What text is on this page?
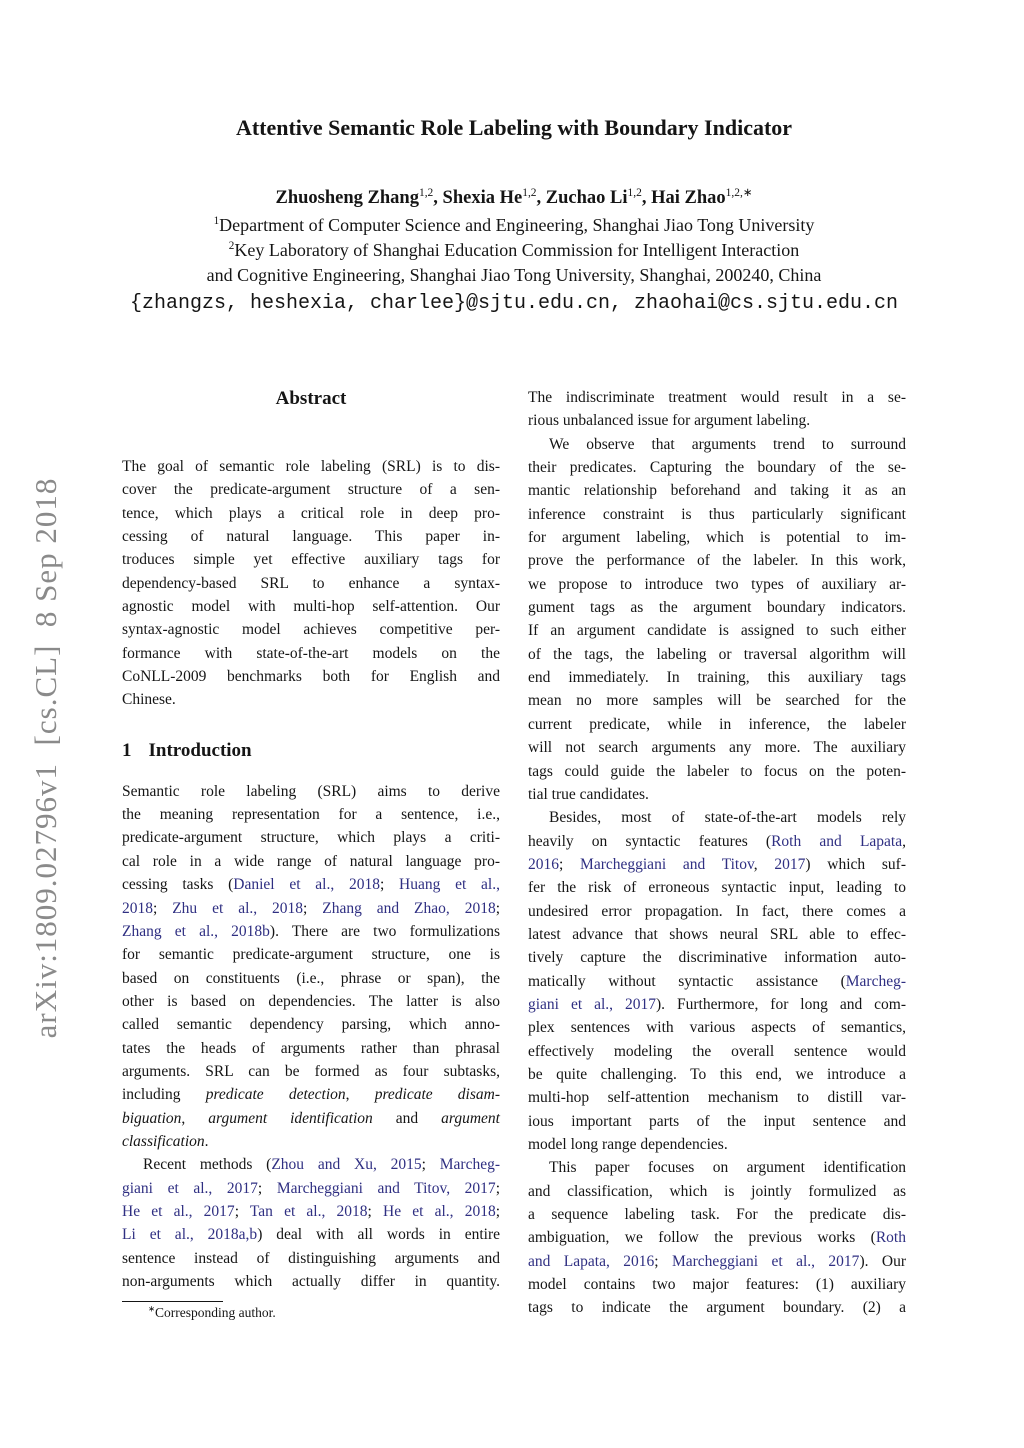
arXiv:1809.02796v1  [cs.CL]  8 Sep 2018
Attentive Semantic Role Labeling with Boundary Indicator
Zhuosheng Zhang$^{1,2}$, Shexia He$^{1,2}$, Zuchao Li$^{1,2}$, Hai Zhao$^{1,2,∗}$
$^1$Department of Computer Science and Engineering, Shanghai Jiao Tong University
$^2$Key Laboratory of Shanghai Education Commission for Intelligent Interaction
and Cognitive Engineering, Shanghai Jiao Tong University, Shanghai, 200240, China
{zhangzs, heshexia, charlee}@sjtu.edu.cn, zhaohai@cs.sjtu.edu.cn
Abstract
The goal of semantic role labeling (SRL) is to dis-
cover the predicate-argument structure of a sen-
tence, which plays a critical role in deep pro-
cessing of natural language. This paper in-
troduces simple yet effective auxiliary tags for
dependency-based SRL to enhance a syntax-
agnostic model with multi-hop self-attention. Our
syntax-agnostic model achieves competitive per-
formance with state-of-the-art models on the
CoNLL-2009 benchmarks both for English and
Chinese.
1 Introduction
Semantic role labeling (SRL) aims to derive
the meaning representation for a sentence, i.e.,
predicate-argument structure, which plays a criti-
cal role in a wide range of natural language pro-
cessing tasks (Daniel et al., 2018; Huang et al.,
2018; Zhu et al., 2018; Zhang and Zhao, 2018;
Zhang et al., 2018b). There are two formulizations
for semantic predicate-argument structure, one is
based on constituents (i.e., phrase or span), the
other is based on dependencies. The latter is also
called semantic dependency parsing, which anno-
tates the heads of arguments rather than phrasal
arguments. SRL can be formed as four subtasks,
including predicate detection, predicate disam-
biguation, argument identification and argument
classification.
Recent methods (Zhou and Xu, 2015; Marcheg-
giani et al., 2017; Marcheggiani and Titov, 2017;
He et al., 2017; Tan et al., 2018; He et al., 2018;
Li et al., 2018a,b) deal with all words in entire
sentence instead of distinguishing arguments and
non-arguments which actually differ in quantity.
∗Corresponding author.
The indiscriminate treatment would result in a se-
rious unbalanced issue for argument labeling.
We observe that arguments trend to surround
their predicates. Capturing the boundary of the se-
mantic relationship beforehand and taking it as an
inference constraint is thus particularly significant
for argument labeling, which is potential to im-
prove the performance of the labeler. In this work,
we propose to introduce two types of auxiliary ar-
gument tags as the argument boundary indicators.
If an argument candidate is assigned to such either
of the tags, the labeling or traversal algorithm will
end immediately. In training, this auxiliary tags
mean no more samples will be searched for the
current predicate, while in inference, the labeler
will not search arguments any more. The auxiliary
tags could guide the labeler to focus on the poten-
tial true candidates.
Besides, most of state-of-the-art models rely
heavily on syntactic features (Roth and Lapata,
2016; Marcheggiani and Titov, 2017) which suf-
fer the risk of erroneous syntactic input, leading to
undesired error propagation. In fact, there comes a
latest advance that shows neural SRL able to effec-
tively capture the discriminative information auto-
matically without syntactic assistance (Marcheg-
giani et al., 2017). Furthermore, for long and com-
plex sentences with various aspects of semantics,
effectively modeling the overall sentence would
be quite challenging. To this end, we introduce a
multi-hop self-attention mechanism to distill var-
ious important parts of the input sentence and
model long range dependencies.
This paper focuses on argument identification
and classification, which is jointly formulized as
a sequence labeling task. For the predicate dis-
ambiguation, we follow the previous works (Roth
and Lapata, 2016; Marcheggiani et al., 2017). Our
model contains two major features: (1) auxiliary
tags to indicate the argument boundary. (2) a
